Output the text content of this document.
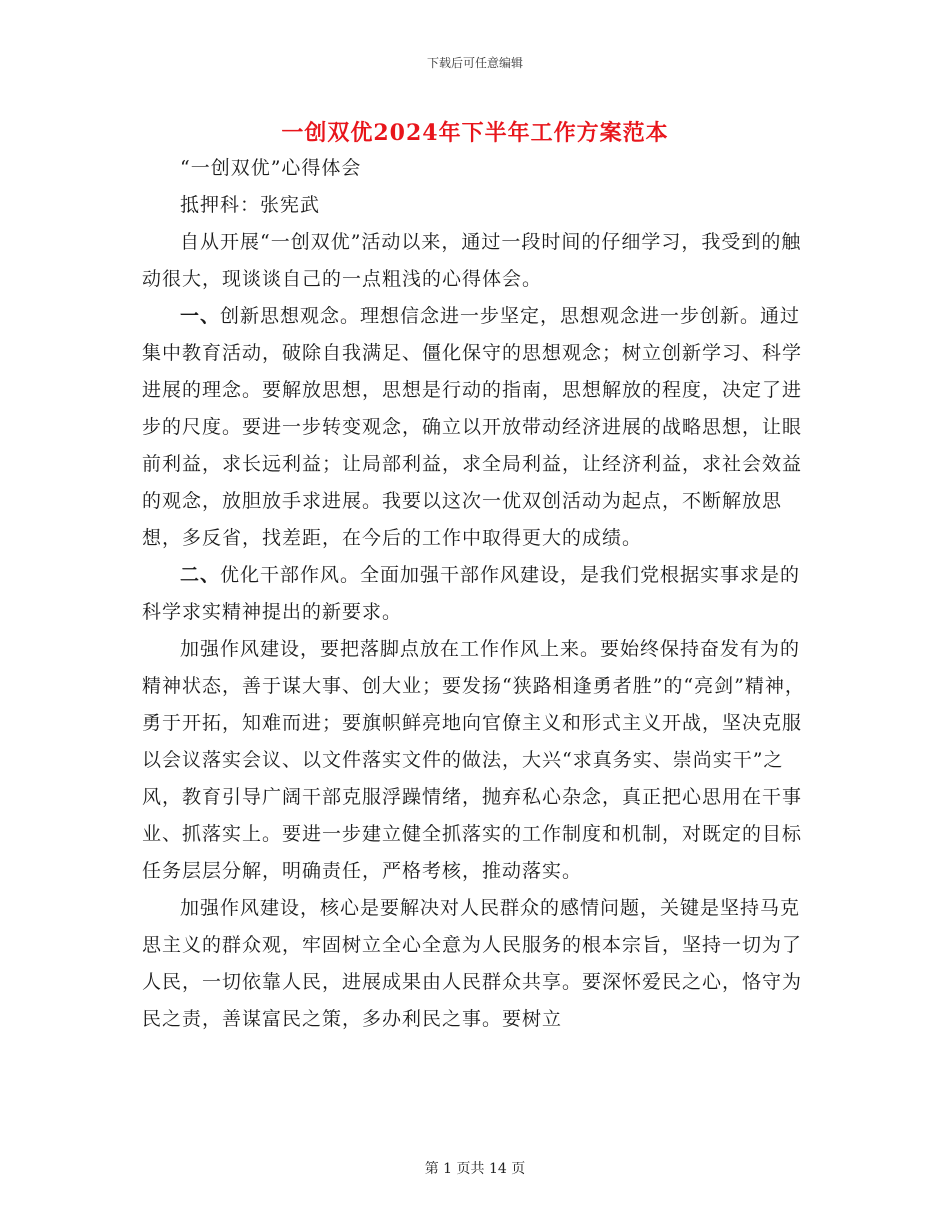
下载后可任意编辑
一创双优2024年下半年工作方案范本

“一创双优”心得体会

抵押科：张宪武

自从开展“一创双优”活动以来，通过一段时间的仔细学习，我受到的触动很大，现谈谈自己的一点粗浅的心得体会。

一、创新思想观念。理想信念进一步坚定，思想观念进一步创新。通过集中教育活动，破除自我满足、僵化保守的思想观念；树立创新学习、科学进展的理念。要解放思想，思想是行动的指南，思想解放的程度，决定了进步的尺度。要进一步转变观念，确立以开放带动经济进展的战略思想，让眼前利益，求长远利益；让局部利益，求全局利益，让经济利益，求社会效益的观念，放胆放手求进展。我要以这次一优双创活动为起点，不断解放思想，多反省，找差距，在今后的工作中取得更大的成绩。

二、优化干部作风。全面加强干部作风建设，是我们党根据实事求是的科学求实精神提出的新要求。

加强作风建设，要把落脚点放在工作作风上来。要始终保持奋发有为的精神状态，善于谋大事、创大业；要发扬“狭路相逢勇者胜”的“亮剑”精神，勇于开拓，知难而进；要旗帜鲜亮地向官僚主义和形式主义开战，坚决克服以会议落实会议、以文件落实文件的做法，大兴“求真务实、崇尚实干”之风，教育引导广阔干部克服浮躁情绪，抛弃私心杂念，真正把心思用在干事业、抓落实上。要进一步建立健全抓落实的工作制度和机制，对既定的目标任务层层分解，明确责任，严格考核，推动落实。

加强作风建设，核心是要解决对人民群众的感情问题，关键是坚持马克思主义的群众观，牢固树立全心全意为人民服务的根本宗旨，坚持一切为了人民，一切依靠人民，进展成果由人民群众共享。要深怀爱民之心，恪守为民之责，善谋富民之策，多办利民之事。要树立

第 1 页共 14 页
